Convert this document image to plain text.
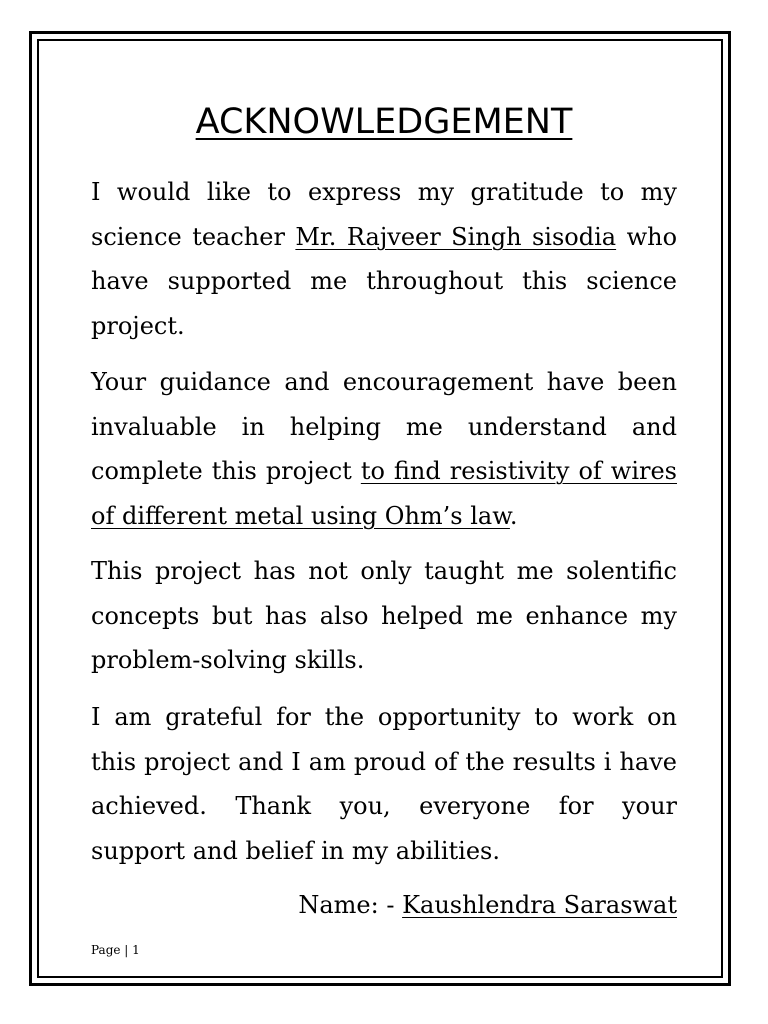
ACKNOWLEDGEMENT

I would like to express my gratitude to my
science teacher Mr. Rajveer Singh sisodia who
have supported me throughout this science
project.

Your guidance and encouragement have been
invaluable in helping me understand and
complete this project to find resistivity of wires
of different metal using Ohm’s law.

This project has not only taught me solentific
concepts but has also helped me enhance my
problem-solving skills.

I am grateful for the opportunity to work on
this project and I am proud of the results i have
achieved. Thank you, everyone for your
support and belief in my abilities.

Name: - Kaushlendra Saraswat
Page | 1
